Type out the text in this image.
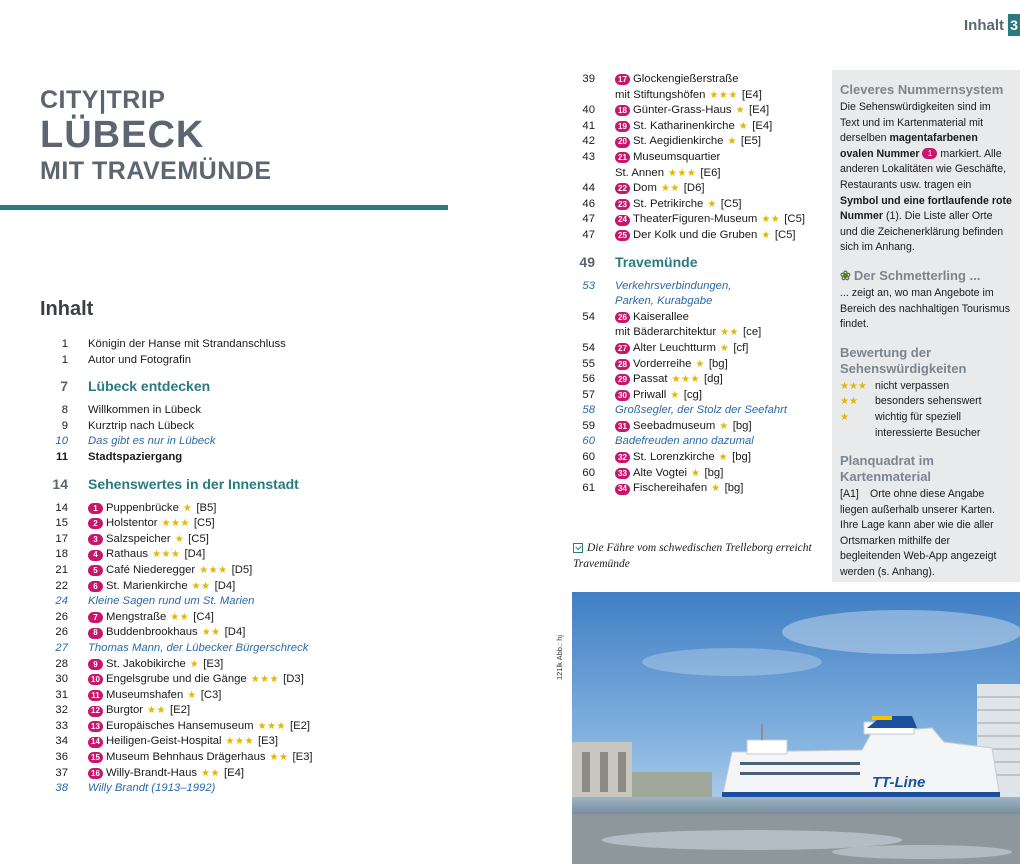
Inhalt 3
CITY|TRIP
LÜBECK
MIT TRAVEMÜNDE
Inhalt
1 Königin der Hanse mit Strandanschluss
1 Autor und Fotografin
7 Lübeck entdecken
8 Willkommen in Lübeck
9 Kurztrip nach Lübeck
10 Das gibt es nur in Lübeck
11 Stadtspaziergang
14 Sehenswertes in der Innenstadt
14	1 Puppenbrücke ★ [B5]
15	2 Holstentor ★★★ [C5]
17	3 Salzspeicher ★ [C5]
18	4 Rathaus ★★★ [D4]
21	5 Café Niederegger ★★★ [D5]
22	6 St. Marienkirche ★★ [D4]
24 Kleine Sagen rund um St. Marien
26	7 Mengstraße ★★ [C4]
26	8 Buddenbrookhaus ★★ [D4]
27 Thomas Mann, der Lübecker Bürgerschreck
28	9 St. Jakobikirche ★ [E3]
30	10 Engelsgrube und die Gänge ★★★ [D3]
31	11 Museumshafen ★ [C3]
32	12 Burgtor ★★ [E2]
33	13 Europäisches Hansemuseum ★★★ [E2]
34	14 Heiligen-Geist-Hospital ★★★ [E3]
36	15 Museum Behnhaus Drägerhaus ★★ [E3]
37	16 Willy-Brandt-Haus ★★ [E4]
38 Willy Brandt (1913–1992)
39	17 Glockengießerstraße
mit Stiftungshöfen ★★★ [E4]
40	18 Günter-Grass-Haus ★ [E4]
41	19 St. Katharinenkirche ★ [E4]
42	20 St. Aegidienkirche ★ [E5]
43	21 Museumsquartier
St. Annen ★★★ [E6]
44	22 Dom ★★ [D6]
46	23 St. Petrikirche ★ [C5]
47	24 TheaterFiguren-Museum ★★ [C5]
47	25 Der Kolk und die Gruben ★ [C5]
49 Travemünde
53 Verkehrsverbindungen,
Parken, Kurabgabe
54	26 Kaiserallee
mit Bäderarchitektur ★★ [ce]
54	27 Alter Leuchtturm ★ [cf]
55	28 Vorderreihe ★ [bg]
56	29 Passat ★★★ [dg]
57	30 Priwall ★ [cg]
58 Großsegler, der Stolz der Seefahrt
59	31 Seebadmuseum ★ [bg]
60 Badefreuden anno dazumal
60	32 St. Lorenzkirche ★ [bg]
60	33 Alte Vogtei ★ [bg]
61	34 Fischereihafen ★ [bg]
Cleveres Nummernsystem
Die Sehenswürdigkeiten sind im Text und im Kartenmaterial mit derselben magentafarbenen ovalen Nummer 1 markiert. Alle anderen Lokalitäten wie Geschäfte, Restaurants usw. tragen ein Symbol und eine fortlaufende rote Nummer (1). Die Liste aller Orte und die Zeichenerklärung befinden sich im Anhang.
❀ Der Schmetterling ...
... zeigt an, wo man Angebote im Bereich des nachhaltigen Tourismus findet.
Bewertung der Sehenswürdigkeiten
★★★ nicht verpassen
★★	besonders sehenswert
★	wichtig für speziell interessierte Besucher
Planquadrat im Kartenmaterial
[A1] Orte ohne diese Angabe liegen außerhalb unserer Karten. Ihre Lage kann aber wie die aller Ortsmarken mithilfe der begleitenden Web-App angezeigt werden (s. Anhang).
Die Fähre vom schwedischen Trelleborg erreicht Travemünde
121lk Abb.: hj
TT-Line
